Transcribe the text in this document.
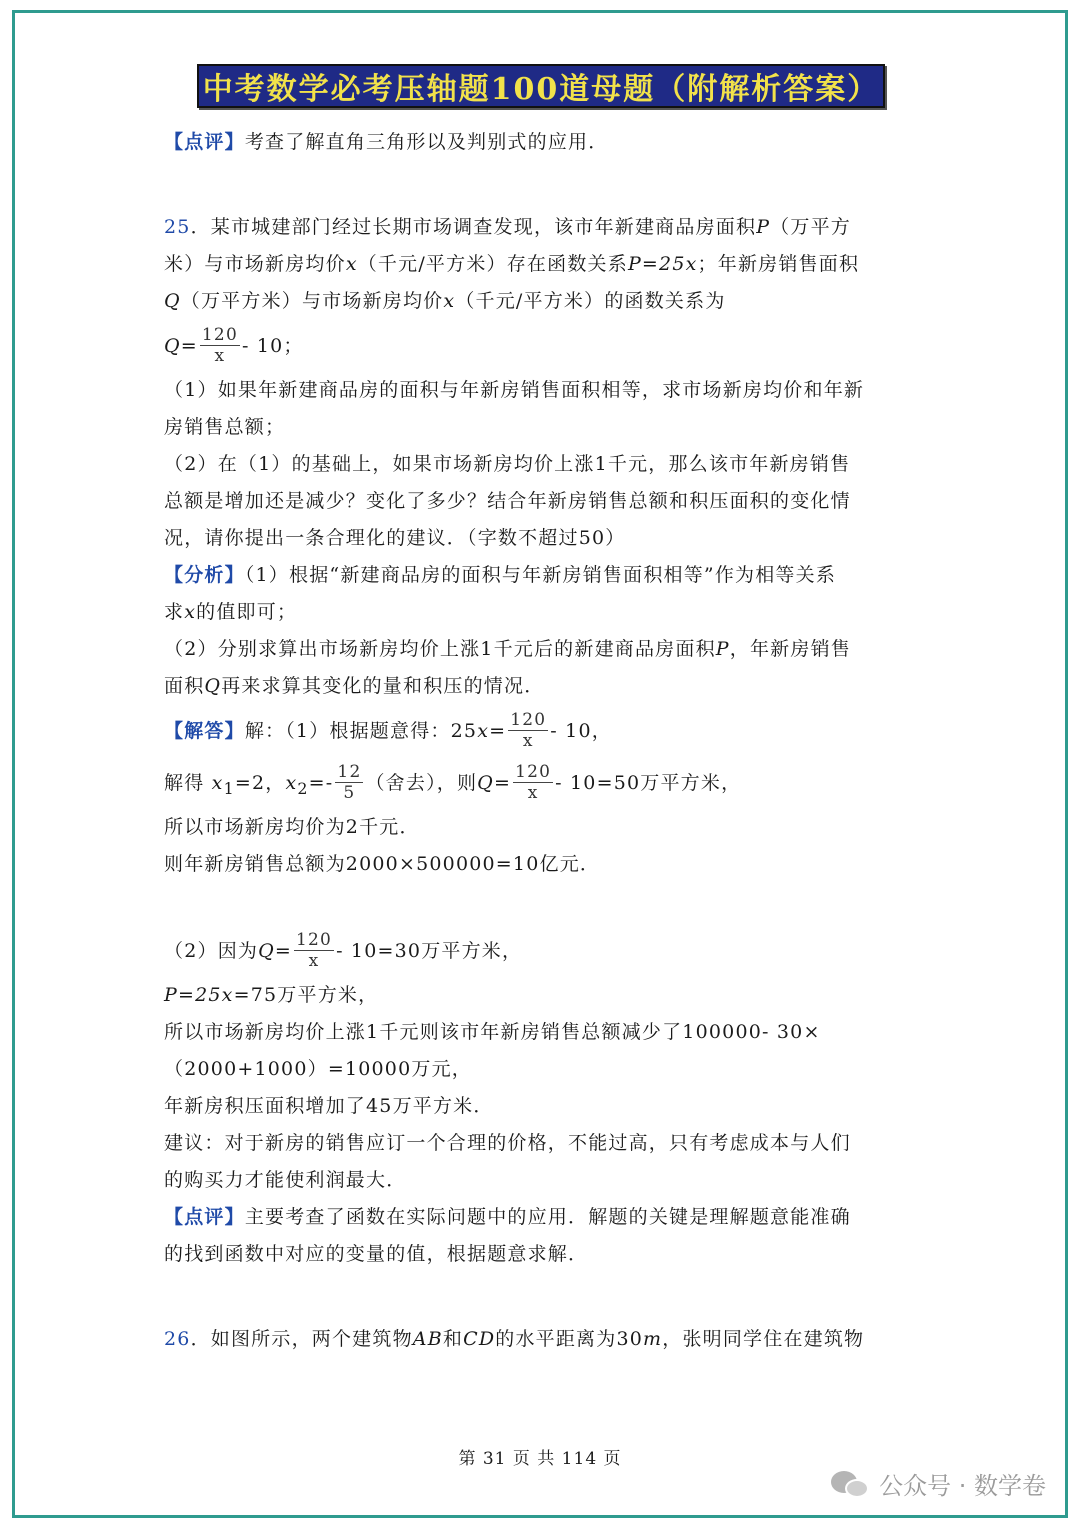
中考数学必考压轴题100道母题（附解析答案）
【点评】考查了解直角三角形以及判别式的应用．
25．某市城建部门经过长期市场调查发现，该市年新建商品房面积P（万平方
米）与市场新房均价x（千元/平方米）存在函数关系P=25x；年新房销售面积
Q（万平方米）与市场新房均价x（千元/平方米）的函数关系为
$Q= \frac{120}{x} - 10$；
（1）如果年新建商品房的面积与年新房销售面积相等，求市场新房均价和年新
房销售总额；
（2）在（1）的基础上，如果市场新房均价上涨1千元，那么该市年新房销售
总额是增加还是减少？变化了多少？结合年新房销售总额和积压面积的变化情
况，请你提出一条合理化的建议．（字数不超过50）
【分析】（1）根据“新建商品房的面积与年新房销售面积相等”作为相等关系
求x的值即可；
（2）分别求算出市场新房均价上涨1千元后的新建商品房面积P，年新房销售
面积Q再来求算其变化的量和积压的情况．
【解答】解：（1）根据题意得：$25x= \frac{120}{x} - 10$，
解得 $x_1=2$，$x_2=- \frac{12}{5}$ （舍去），则$Q= \frac{120}{x} - 10=50$万平方米，
所以市场新房均价为2千元．
则年新房销售总额为2000×500000=10亿元．
（2）因为$Q= \frac{120}{x} - 10=30$万平方米，
P=25x=75万平方米，
所以市场新房均价上涨1千元则该市年新房销售总额减少了100000- 30×
（2000+1000）=10000万元，
年新房积压面积增加了45万平方米．
建议：对于新房的销售应订一个合理的价格，不能过高，只有考虑成本与人们
的购买力才能使利润最大．
【点评】主要考查了函数在实际问题中的应用．解题的关键是理解题意能准确
的找到函数中对应的变量的值，根据题意求解．
26．如图所示，两个建筑物AB和CD的水平距离为30m，张明同学住在建筑物
第 31 页 共 114 页
公众号 · 数学卷
